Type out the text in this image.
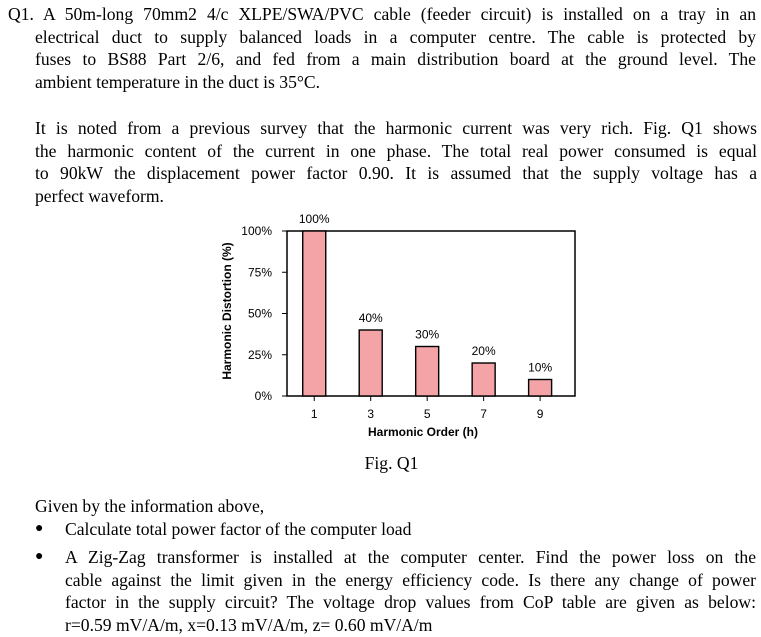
Q1. A 50m-long 70mm2 4/c XLPE/SWA/PVC cable (feeder circuit) is installed on a tray in an
electrical duct to supply balanced loads in a computer centre. The cable is protected by
fuses to BS88 Part 2/6, and fed from a main distribution board at the ground level. The
ambient temperature in the duct is 35°C.
It is noted from a previous survey that the harmonic current was very rich. Fig. Q1 shows
the harmonic content of the current in one phase. The total real power consumed is equal
to 90kW the displacement power factor 0.90. It is assumed that the supply voltage has a
perfect waveform.
100%
40%
30%
20%
10%
1	3	5	7	9
0%
25%
50%
75%
100%
Harmonic Distortion (%)
Harmonic Order (h)
Fig. Q1
Given by the information above,
● Calculate total power factor of the computer load
● A Zig-Zag transformer is installed at the computer center. Find the power loss on the
cable against the limit given in the energy efficiency code. Is there any change of power
factor in the supply circuit? The voltage drop values from CoP table are given as below:
r=0.59 mV/A/m, x=0.13 mV/A/m, z= 0.60 mV/A/m
